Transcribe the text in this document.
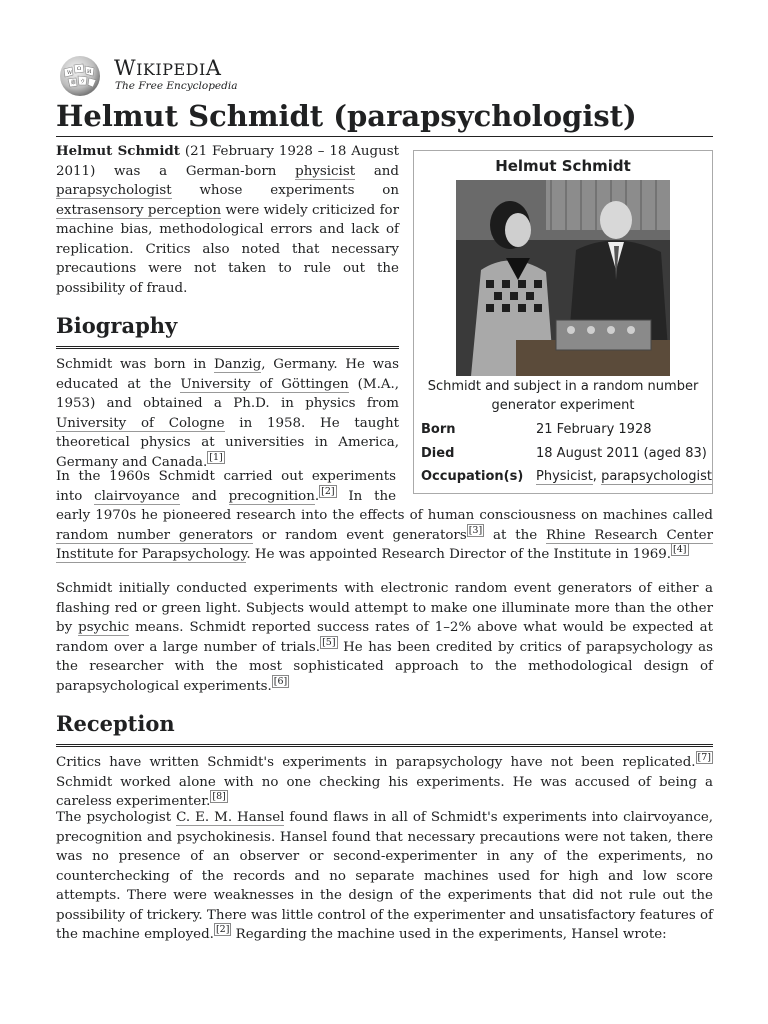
W
Ω И
維 ウ
WIKIPEDIA
The Free Encyclopedia
Helmut Schmidt (parapsychologist)
Helmut Schmidt
Schmidt and subject in a random number generator experiment
Born	21 February 1928
Died	18 August 2011 (aged 83)
Occupation(s) Physicist, parapsychologist

Helmut Schmidt (21 February 1928 – 18 August 2011) was a German-born physicist and parapsychologist whose experiments on extrasensory perception were widely criticized for machine bias, methodological errors and lack of replication. Critics also noted that necessary precautions were not taken to rule out the possibility of fraud.

Biography

Schmidt was born in Danzig, Germany. He was educated at the University of Göttingen (M.A., 1953) and obtained a Ph.D. in physics from University of Cologne in 1958. He taught theoretical physics at universities in America, Germany and Canada. [1]

In the 1960s Schmidt carried out experiments into clairvoyance and precognition. [2] In the early 1970s he pioneered research into the effects of human consciousness on machines called random number generators or random event generators [3] at the Rhine Research Center Institute for Parapsychology. He was appointed Research Director of the Institute in 1969. [4]

Schmidt initially conducted experiments with electronic random event generators of either a flashing red or green light. Subjects would attempt to make one illuminate more than the other by psychic means. Schmidt reported success rates of 1–2% above what would be expected at random over a large number of trials. [5] He has been credited by critics of parapsychology as the researcher with the most sophisticated approach to the methodological design of parapsychological experiments. [6]

Reception

Critics have written Schmidt's experiments in parapsychology have not been replicated. [7] Schmidt worked alone with no one checking his experiments. He was accused of being a careless experimenter. [8]

The psychologist C. E. M. Hansel found flaws in all of Schmidt's experiments into clairvoyance, precognition and psychokinesis. Hansel found that necessary precautions were not taken, there was no presence of an observer or second-experimenter in any of the experiments, no counterchecking of the records and no separate machines used for high and low score attempts. There were weaknesses in the design of the experiments that did not rule out the possibility of trickery. There was little control of the experimenter and unsatisfactory features of the machine employed. [2] Regarding the machine used in the experiments, Hansel wrote:
